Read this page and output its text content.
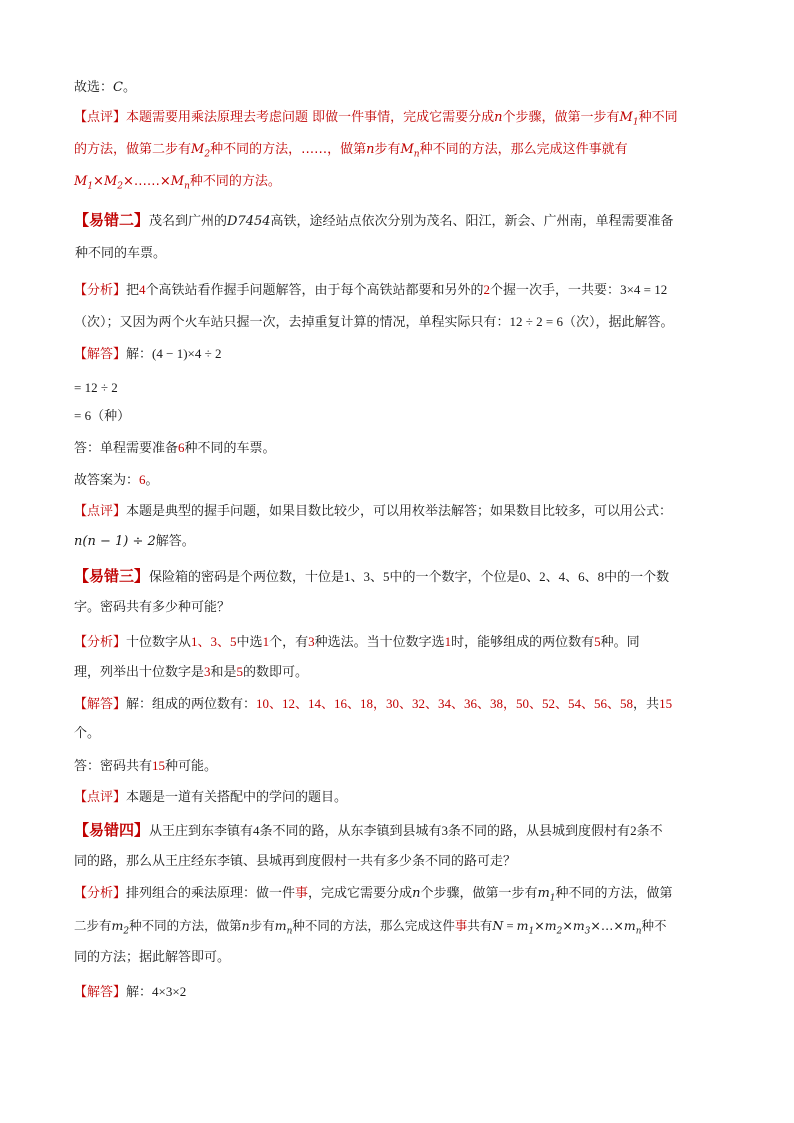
故选：C。

【点评】本题需要用乘法原理去考虑问题 即做一件事情，完成它需要分成n个步骤，做第一步有$M_1$种不同

的方法，做第二步有$M_2$种不同的方法，……，做第n步有$M_n$种不同的方法，那么完成这件事就有

$M_1\times M_2\times\dots\dots\times M_n$种不同的方法。

【易错二】茂名到广州的D7454高铁，途经站点依次分别为茂名、阳江，新会、广州南，单程需要准备

种不同的车票。

【分析】把4个高铁站看作握手问题解答，由于每个高铁站都要和另外的2个握一次手，一共要：3×4 = 12

（次）；又因为两个火车站只握一次，去掉重复计算的情况，单程实际只有：12 ÷ 2 = 6（次），据此解答。

【解答】解：(4 − 1)×4 ÷ 2

= 12 ÷ 2

= 6（种）

答：单程需要准备6种不同的车票。

故答案为：6。

【点评】本题是典型的握手问题，如果目数比较少，可以用枚举法解答；如果数目比较多，可以用公式：

n(n − 1) ÷ 2解答。

【易错三】保险箱的密码是个两位数，十位是1、3、5中的一个数字，个位是0、2、4、6、8中的一个数

字。密码共有多少种可能？

【分析】十位数字从1、3、5中选1个，有3种选法。当十位数字选1时，能够组成的两位数有5种。同

理，列举出十位数字是3和是5的数即可。

【解答】解：组成的两位数有：10、12、14、16、18，30、32、34、36、38，50、52、54、56、58，共15

个。

答：密码共有15种可能。

【点评】本题是一道有关搭配中的学问的题目。

【易错四】从王庄到东李镇有4条不同的路，从东李镇到县城有3条不同的路，从县城到度假村有2条不

同的路，那么从王庄经东李镇、县城再到度假村一共有多少条不同的路可走？

【分析】排列组合的乘法原理：做一件事，完成它需要分成n个步骤，做第一步有$m_1$种不同的方法，做第

二步有$m_2$种不同的方法，做第n步有$m_n$种不同的方法，那么完成这件事共有$N = m_1\times m_2\times m_3\times\dots\times m_n$种不

同的方法；据此解答即可。

【解答】解：4×3×2
